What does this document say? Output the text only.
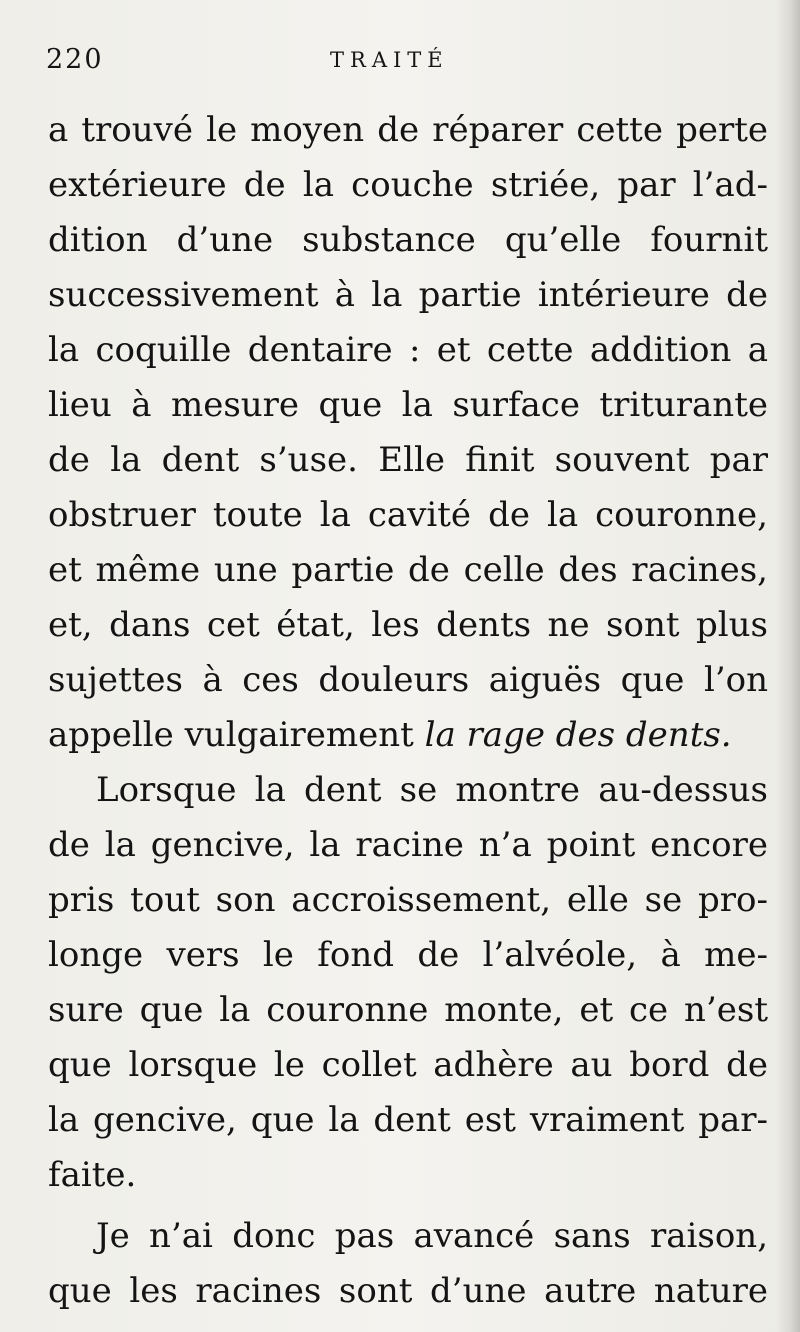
220	TRAITÉ
a trouvé le moyen de réparer cette perte
extérieure de la couche striée, par l’ad-
dition d’une substance qu’elle fournit
successivement à la partie intérieure de
la coquille dentaire : et cette addition a
lieu à mesure que la surface triturante
de la dent s’use. Elle finit souvent par
obstruer toute la cavité de la couronne,
et même une partie de celle des racines,
et, dans cet état, les dents ne sont plus
sujettes à ces douleurs aiguës que l’on
appelle vulgairement la rage des dents.
Lorsque la dent se montre au-dessus
de la gencive, la racine n’a point encore
pris tout son accroissement, elle se pro-
longe vers le fond de l’alvéole, à me-
sure que la couronne monte, et ce n’est
que lorsque le collet adhère au bord de
la gencive, que la dent est vraiment par-
faite.
Je n’ai donc pas avancé sans raison,
que les racines sont d’une autre nature
